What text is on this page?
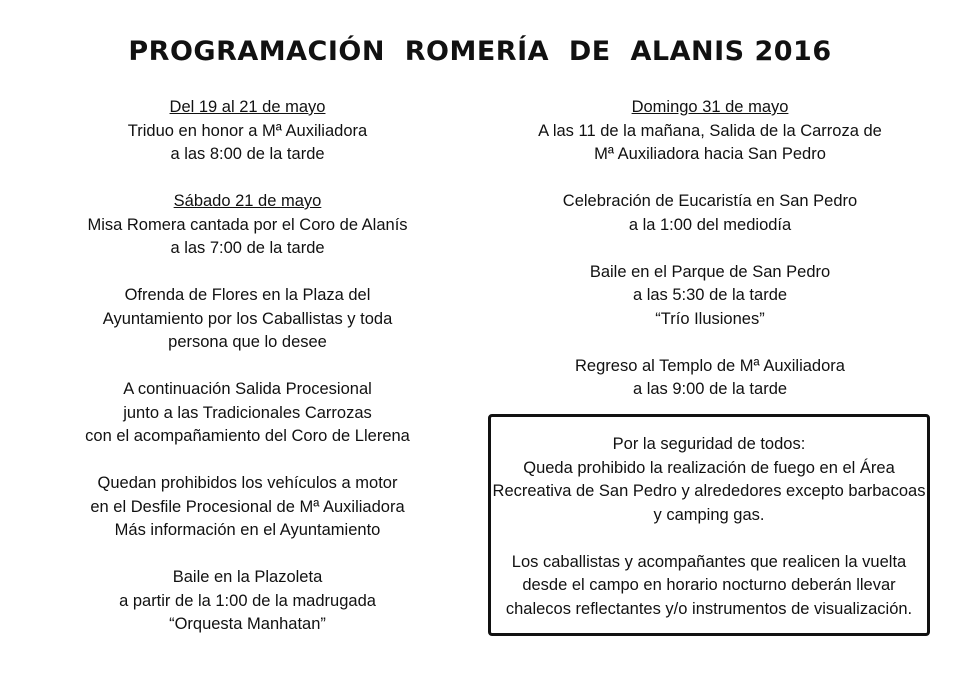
PROGRAMACIÓN  ROMERÍA  DE  ALANIS 2016
Del 19 al 21 de mayo
Triduo en honor a Mª Auxiliadora
a las 8:00 de la tarde
Sábado 21 de mayo
Misa Romera cantada por el Coro de Alanís
a las 7:00 de la tarde
Ofrenda de Flores en la Plaza del
Ayuntamiento por los Caballistas y toda
persona que lo desee
A continuación Salida Procesional
junto a las Tradicionales Carrozas
con el acompañamiento del Coro de Llerena
Quedan prohibidos los vehículos a motor
en el Desfile Procesional de Mª Auxiliadora
Más información en el Ayuntamiento
Baile en la Plazoleta
a partir de la 1:00 de la madrugada
“Orquesta Manhatan”
Domingo 31 de mayo
A las 11 de la mañana, Salida de la Carroza de
Mª Auxiliadora hacia San Pedro
Celebración de Eucaristía en San Pedro
a la 1:00 del mediodía
Baile en el Parque de San Pedro
a las 5:30 de la tarde
“Trío Ilusiones”
Regreso al Templo de Mª Auxiliadora
a las 9:00 de la tarde
Por la seguridad de todos:
Queda prohibido la realización de fuego en el Área
Recreativa de San Pedro y alrededores excepto barbacoas
y camping gas.
Los caballistas y acompañantes que realicen la vuelta
desde el campo en horario nocturno deberán llevar
chalecos reflectantes y/o instrumentos de visualización.
